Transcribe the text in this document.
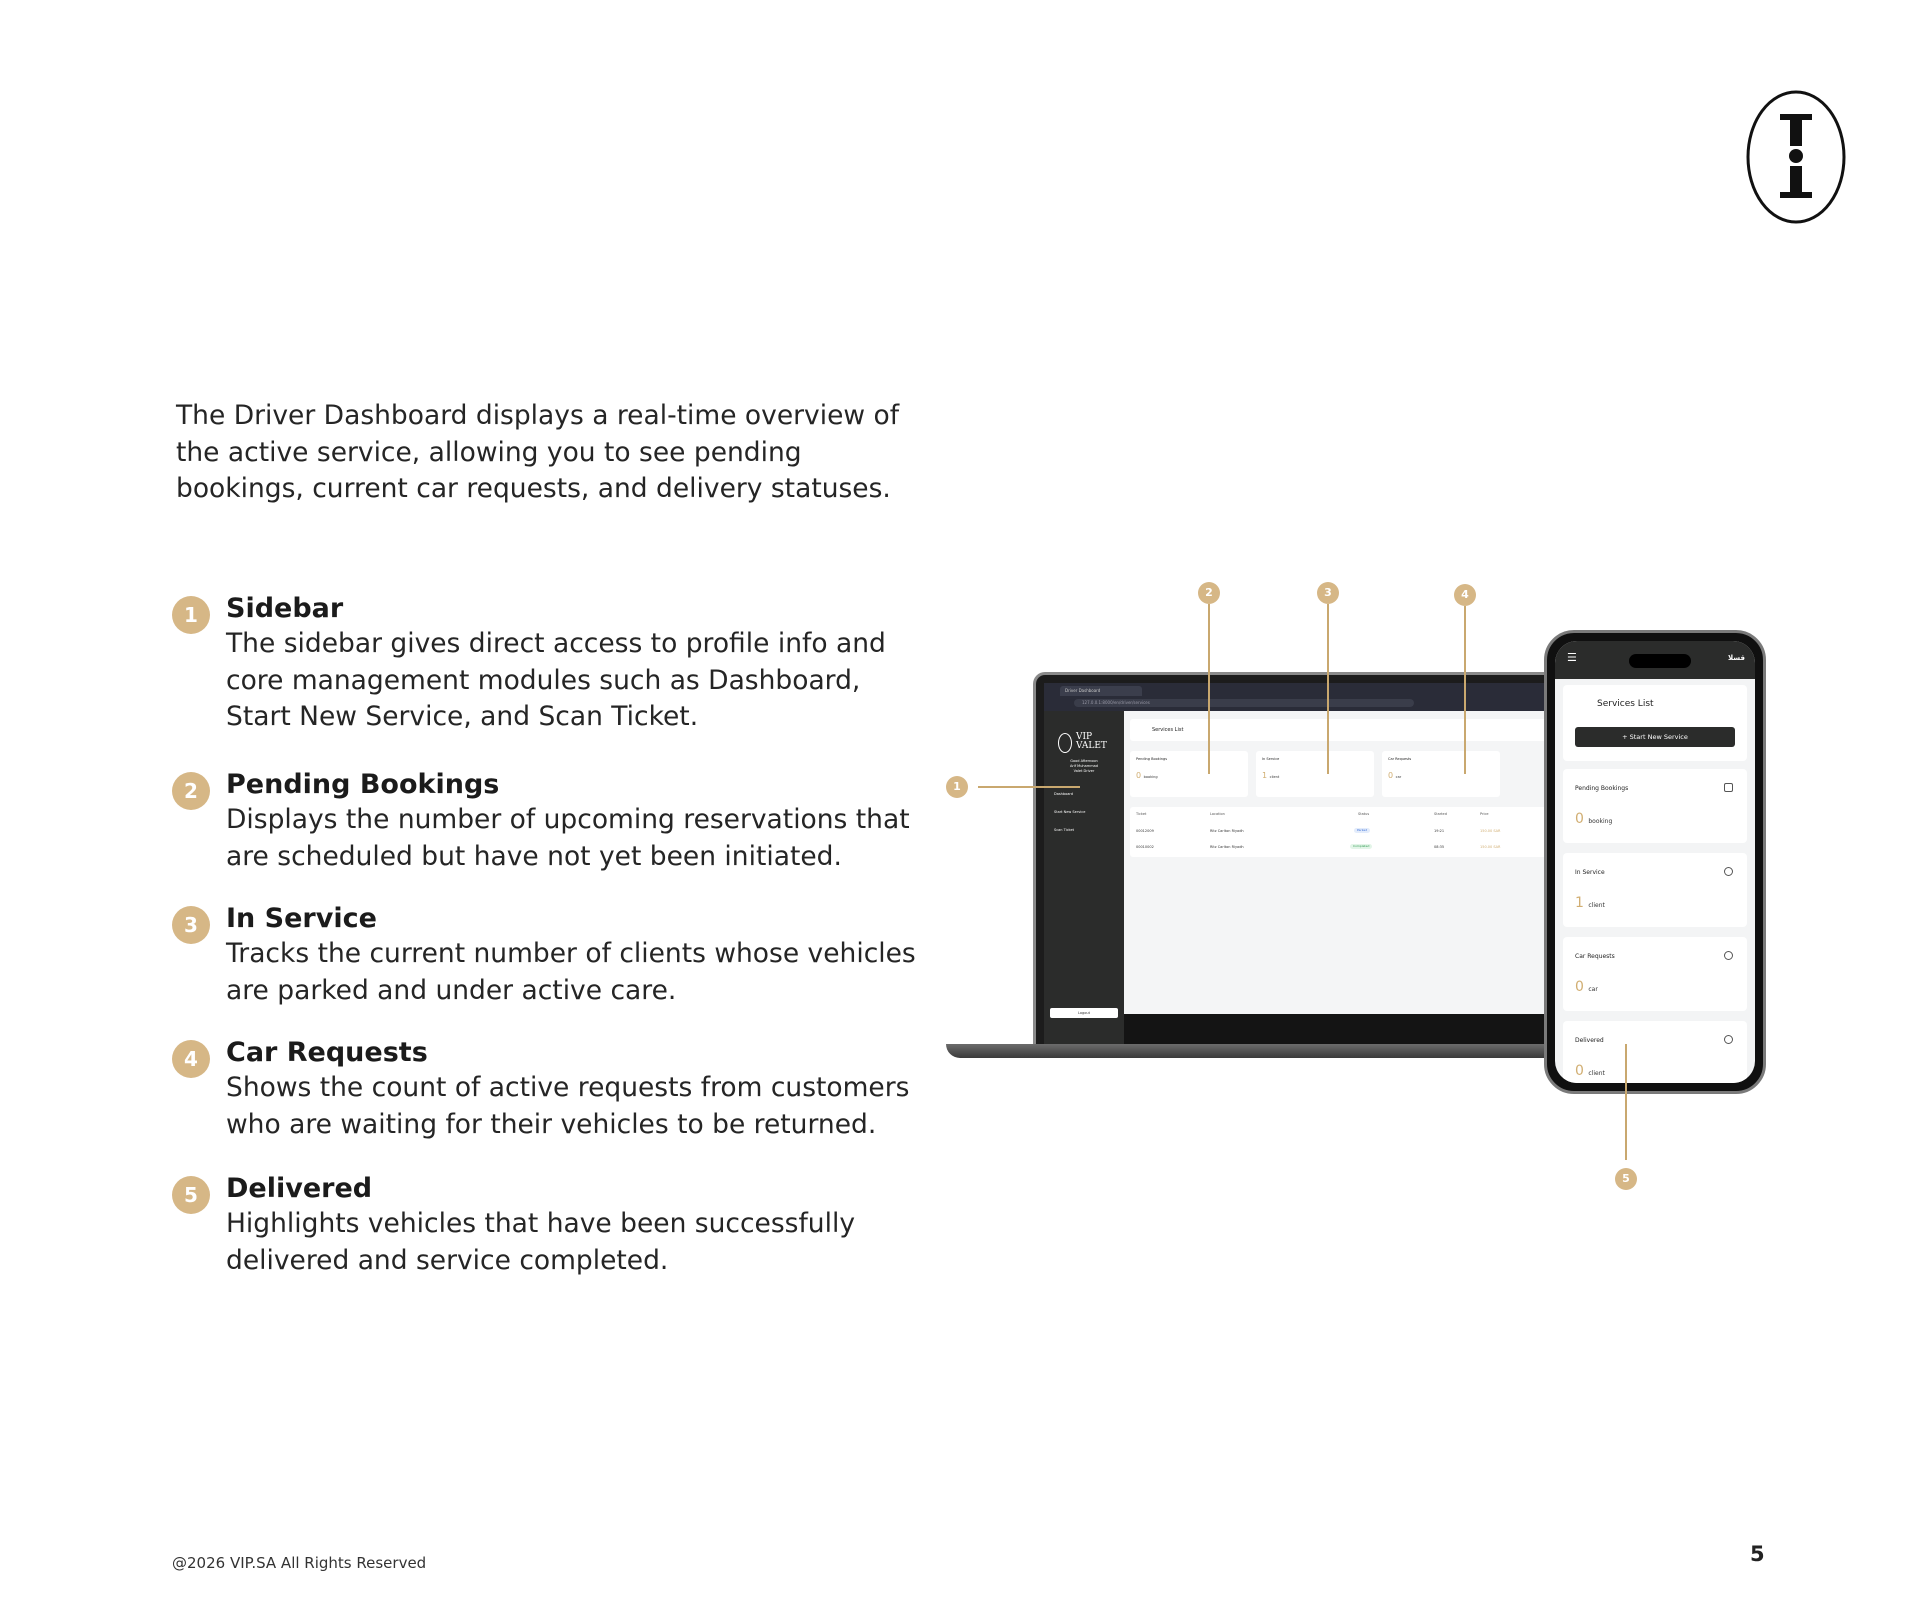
The Driver Dashboard displays a real-time overview of the active service, allowing you to see pending bookings, current car requests, and delivery statuses.

1	Sidebar
The sidebar gives direct access to profile info and core management modules such as Dashboard, Start New Service, and Scan Ticket.
2	Pending Bookings
Displays the number of upcoming reservations that are scheduled but have not yet been initiated.
3	In Service
Tracks the current number of clients whose vehicles are parked and under active care.
4	Car Requests
Shows the count of active requests from customers who are waiting for their vehicles to be returned.
5	Delivered
Highlights vehicles that have been successfully delivered and service completed.
Driver Dashboard
127.0.0.1:8000/en/driver/services
VIP VALET
Good Afternoon
Arif Muhammad
Valet Driver
Dashboard
Start New Service
Scan Ticket
Logout
Services List
Pending Bookings
0 booking
In Service
1 client
Car Requests
0 car
Ticket	Location	Status	Started	Price
00012009	Ritz Carlton Riyadh	Parked	19:21	150.00 SAR
00010002	Ritz Carlton Riyadh	Completed	08:35	150.00 SAR
☰	قسلا
Services List
+ Start New Service
Pending Bookings
0 booking
In Service
1 client
Car Requests
0 car
Delivered
0 client
1
2	3	4
5
@2026 VIP.SA All Rights Reserved	5
